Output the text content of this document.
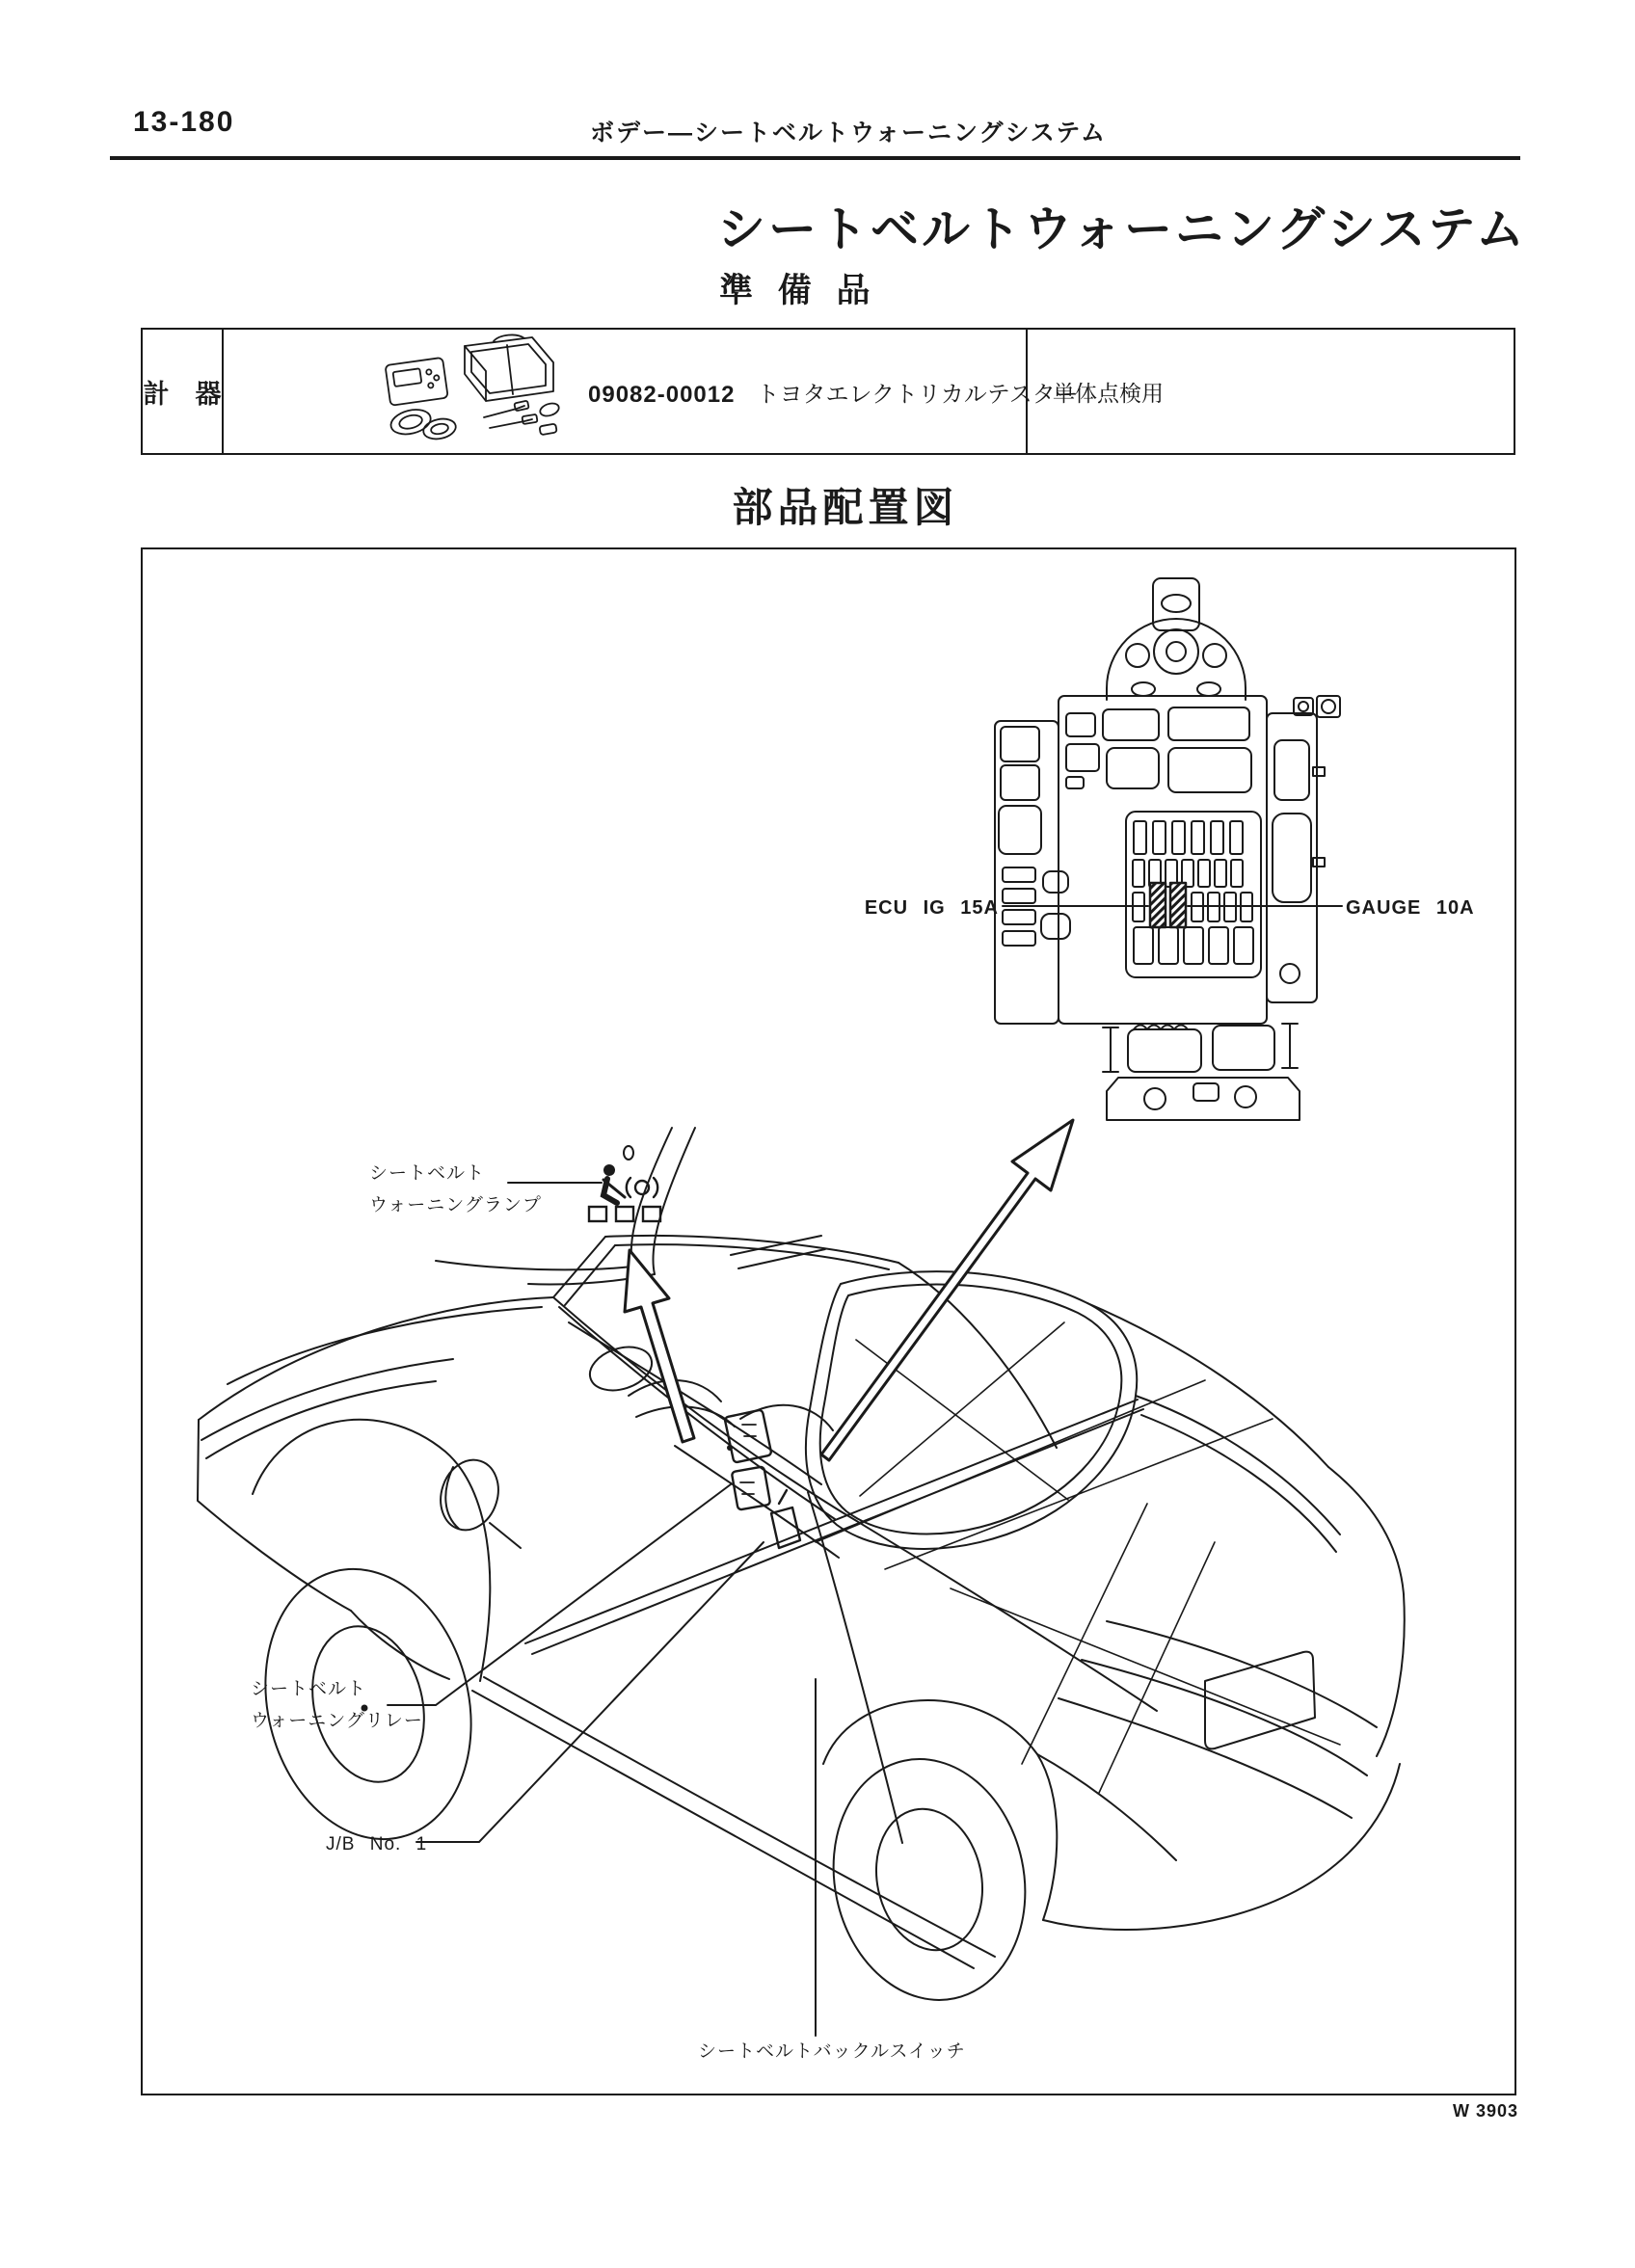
13-180	ボデー—シートベルトウォーニングシステム
シートベルトウォーニングシステム
準 備 品
計　器	09082-00012 トヨタエレクトリカルテスター
単体点検用
部品配置図
ECU IG 15A	GAUGE 10A
シートベルト
ウォーニングランプ
シートベルト
ウォーニングリレー
J/B No. 1
シートベルトバックルスイッチ
W 3903
